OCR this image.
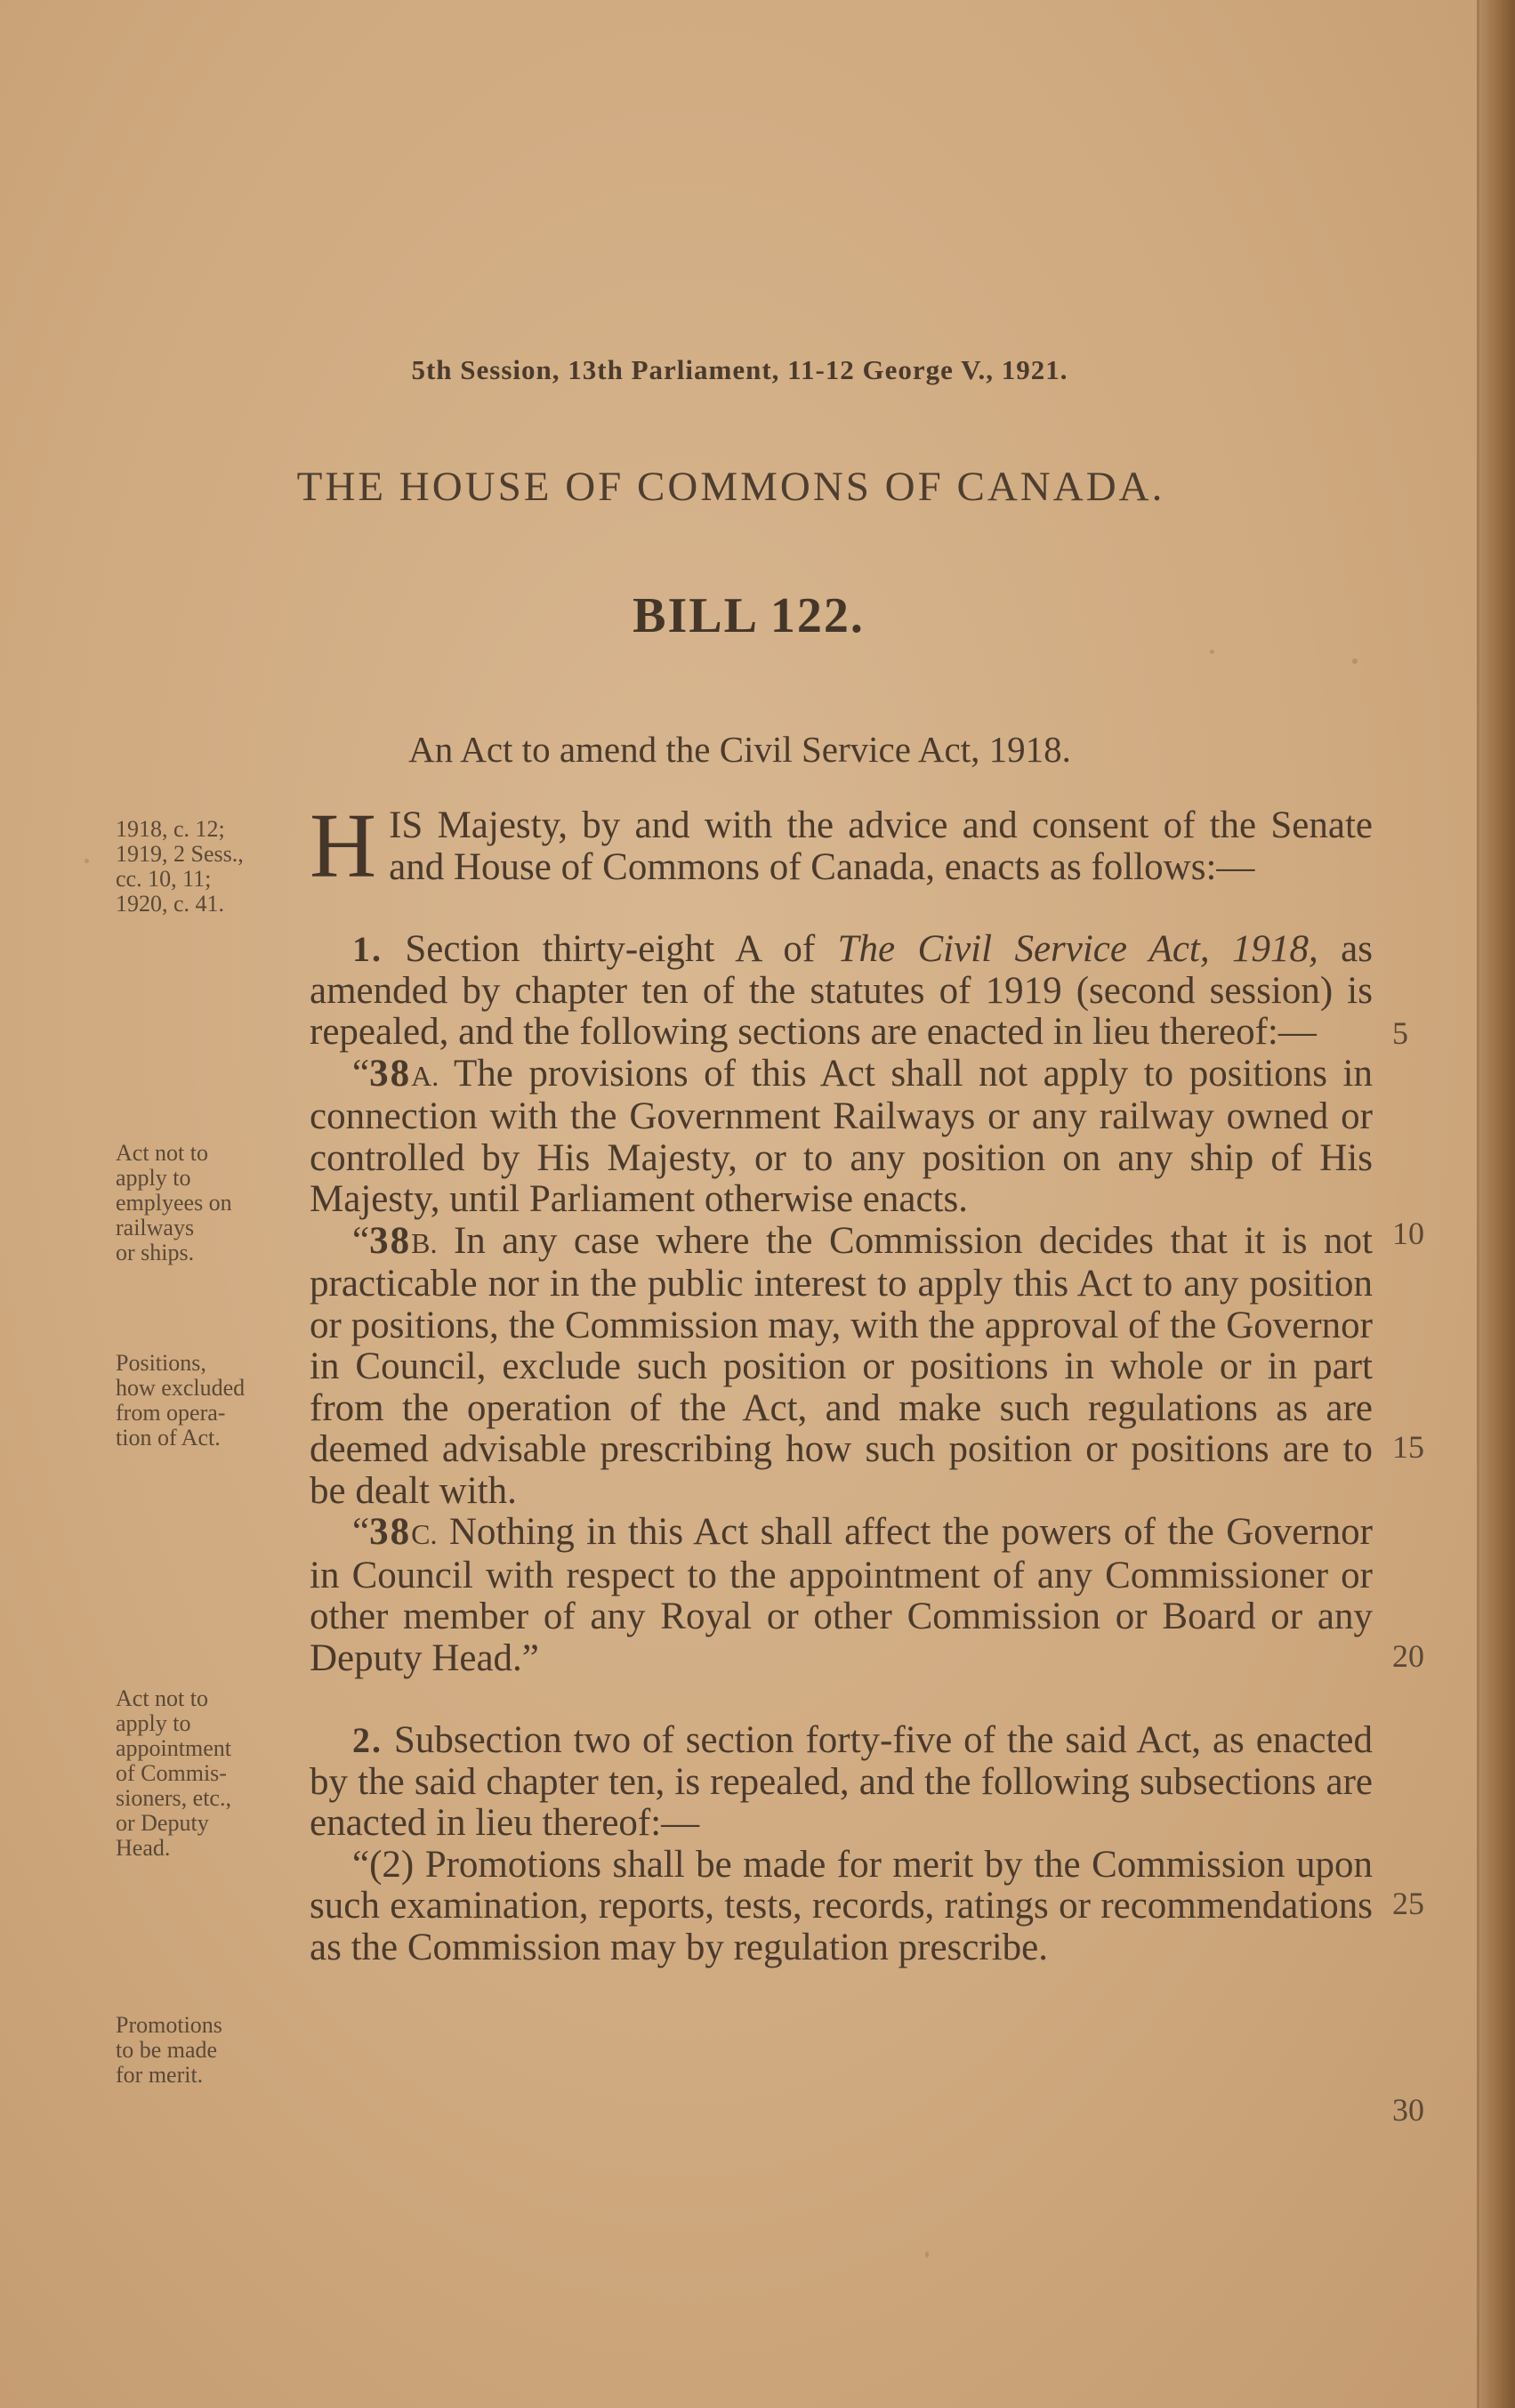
5th Session, 13th Parliament, 11-12 George V., 1921.
THE HOUSE OF COMMONS OF CANADA.
BILL 122.
An Act to amend the Civil Service Act, 1918.
1918, c. 12;
1919, 2 Sess.,
cc. 10, 11;
1920, c. 41.
Act not to
apply to
emplyees on
railways
or ships.
Positions,
how excluded
from opera-
tion of Act.
Act not to
apply to
appointment
of Commis-
sioners, etc.,
or Deputy
Head.
Promotions
to be made
for merit.
5
10
15
20
25
30

HIS Majesty, by and with the advice and consent of the Senate and House of Commons of Canada, enacts as follows:—

1. Section thirty-eight A of The Civil Service Act, 1918, as amended by chapter ten of the statutes of 1919 (second session) is repealed, and the following sections are enacted in lieu thereof:—

“38A. The provisions of this Act shall not apply to positions in connection with the Government Railways or any railway owned or controlled by His Majesty, or to any position on any ship of His Majesty, until Parliament otherwise enacts.

“38B. In any case where the Commission decides that it is not practicable nor in the public interest to apply this Act to any position or positions, the Commission may, with the approval of the Governor in Council, exclude such position or positions in whole or in part from the operation of the Act, and make such regulations as are deemed advisable prescribing how such position or positions are to be dealt with.

“38C. Nothing in this Act shall affect the powers of the Governor in Council with respect to the appointment of any Commissioner or other member of any Royal or other Commission or Board or any Deputy Head.”

2. Subsection two of section forty-five of the said Act, as enacted by the said chapter ten, is repealed, and the following subsections are enacted in lieu thereof:—

“(2) Promotions shall be made for merit by the Commission upon such examination, reports, tests, records, ratings or recommendations as the Commission may by regulation prescribe.
